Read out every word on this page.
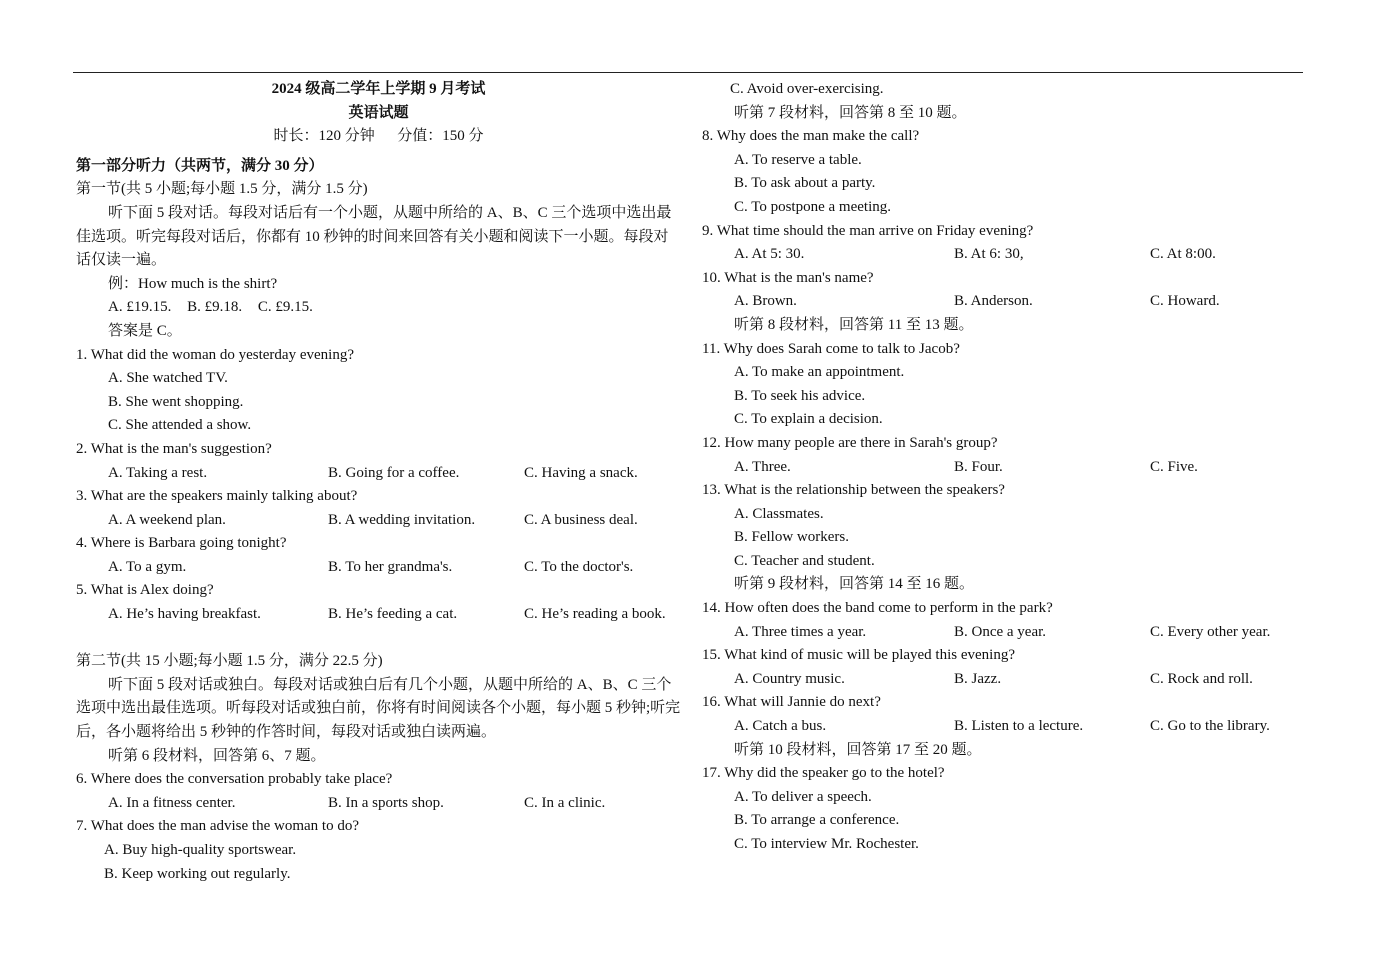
2024 级高二学年上学期 9 月考试
英语试题
时长：120 分钟      分值：150 分
第一部分听力（共两节，满分 30 分）
第一节(共 5 小题;每小题 1.5 分，满分 1.5 分)
听下面 5 段对话。每段对话后有一个小题，从题中所给的 A、B、C 三个选项中选出最佳选项。听完每段对话后，你都有 10 秒钟的时间来回答有关小题和阅读下一小题。每段对话仅读一遍。
例：How much is the shirt?
A. £19.15. B. £9.18. C. £9.15.
答案是 C。
1. What did the woman do yesterday evening?
A. She watched TV.
B. She went shopping.
C. She attended a show.
2. What is the man's suggestion?
A. Taking a rest.	B. Going for a coffee.	C. Having a snack.
3. What are the speakers mainly talking about?
A. A weekend plan.	B. A wedding invitation.	C. A business deal.
4. Where is Barbara going tonight?
A. To a gym.	B. To her grandma's.	C. To the doctor's.
5. What is Alex doing?
A. He’s having breakfast.	B. He’s feeding a cat.	C. He’s reading a book.
第二节(共 15 小题;每小题 1.5 分，满分 22.5 分)
听下面 5 段对话或独白。每段对话或独白后有几个小题，从题中所给的 A、B、C 三个选项中选出最佳选项。听每段对话或独白前，你将有时间阅读各个小题，每小题 5 秒钟;听完后，各小题将给出 5 秒钟的作答时间，每段对话或独白读两遍。
听第 6 段材料，回答第 6、7 题。
6. Where does the conversation probably take place?
A. In a fitness center.	B. In a sports shop.	C. In a clinic.
7. What does the man advise the woman to do?
A. Buy high-quality sportswear.
B. Keep working out regularly.
C. Avoid over-exercising.
听第 7 段材料，回答第 8 至 10 题。
8. Why does the man make the call?
A. To reserve a table.
B. To ask about a party.
C. To postpone a meeting.
9. What time should the man arrive on Friday evening?
A. At 5: 30.	B. At 6: 30,	C. At 8:00.
10. What is the man's name?
A. Brown.	B. Anderson.	C. Howard.
听第 8 段材料，回答第 11 至 13 题。
11. Why does Sarah come to talk to Jacob?
A. To make an appointment.
B. To seek his advice.
C. To explain a decision.
12. How many people are there in Sarah's group?
A. Three.	B. Four.	C. Five.
13. What is the relationship between the speakers?
A. Classmates.
B. Fellow workers.
C. Teacher and student.
听第 9 段材料，回答第 14 至 16 题。
14. How often does the band come to perform in the park?
A. Three times a year.	B. Once a year.	C. Every other year.
15. What kind of music will be played this evening?
A. Country music.	B. Jazz.	C. Rock and roll.
16. What will Jannie do next?
A. Catch a bus.	B. Listen to a lecture.	C. Go to the library.
听第 10 段材料，回答第 17 至 20 题。
17. Why did the speaker go to the hotel?
A. To deliver a speech.
B. To arrange a conference.
C. To interview Mr. Rochester.
